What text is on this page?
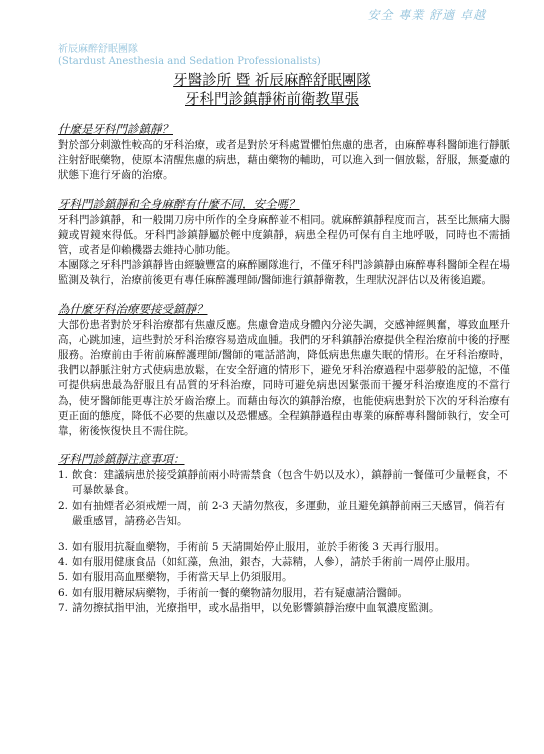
安全 專業 舒適 卓越
祈辰麻醉舒眠團隊
(Stardust Anesthesia and Sedation Professionalists)
牙醫診所 暨 祈辰麻醉舒眠團隊
牙科門診鎮靜術前衛教單張

什麼是牙科門診鎮靜？

對於部分刺激性較高的牙科治療，或者是對於牙科處置懼怕焦慮的患者，由麻醉專科醫師進行靜脈注射舒眠藥物，使原本清醒焦慮的病患，藉由藥物的輔助，可以進入到一個放鬆，舒服，無憂慮的狀態下進行牙齒的治療。

牙科門診鎮靜和全身麻醉有什麼不同，安全嗎？

牙科門診鎮靜，和一般開刀房中所作的全身麻醉並不相同。就麻醉鎮靜程度而言，甚至比無痛大腸鏡或胃鏡來得低。牙科門診鎮靜屬於輕中度鎮靜，病患全程仍可保有自主地呼吸，同時也不需插管，或者是仰賴機器去維持心肺功能。

本團隊之牙科門診鎮靜皆由經驗豐富的麻醉團隊進行，不僅牙科門診鎮靜由麻醉專科醫師全程在場監測及執行，治療前後更有專任麻醉護理師/醫師進行鎮靜衛教，生理狀況評估以及術後追蹤。

為什麼牙科治療要接受鎮靜？

大部份患者對於牙科治療都有焦慮反應。焦慮會造成身體內分泌失調，交感神經興奮，導致血壓升高，心跳加速，這些對於牙科治療容易造成血腫。我們的牙科鎮靜治療提供全程治療前中後的抒壓服務。治療前由手術前麻醉護理師/醫師的電話諮詢，降低病患焦慮失眠的情形。在牙科治療時，我們以靜脈注射方式使病患放鬆，在安全舒適的情形下，避免牙科治療過程中惡夢般的記憶，不僅可提供病患最為舒服且有品質的牙科治療，同時可避免病患因緊張而干擾牙科治療進度的不當行為，使牙醫師能更專注於牙齒治療上。而藉由每次的鎮靜治療，也能使病患對於下次的牙科治療有更正面的態度，降低不必要的焦慮以及恐懼感。全程鎮靜過程由專業的麻醉專科醫師執行，安全可靠，術後恢復快且不需住院。

牙科門診鎮靜注意事項：

1. 飲食：建議病患於接受鎮靜前兩小時需禁食（包含牛奶以及水），鎮靜前一餐僅可少量輕食，不可暴飲暴食。
2. 如有抽煙者必須戒煙一周，前 2-3 天請勿熬夜，多運動，並且避免鎮靜前兩三天感冒，倘若有嚴重感冒，請務必告知。
3. 如有服用抗凝血藥物，手術前 5 天請開始停止服用，並於手術後 3 天再行服用。
4. 如有服用健康食品（如紅藻，魚油，銀杏，大蒜精，人參），請於手術前一周停止服用。
5. 如有服用高血壓藥物，手術當天早上仍須服用。
6. 如有服用糖尿病藥物，手術前一餐的藥物請勿服用，若有疑慮請洽醫師。
7. 請勿擦拭指甲油，光療指甲，或水晶指甲，以免影響鎮靜治療中血氧濃度監測。
